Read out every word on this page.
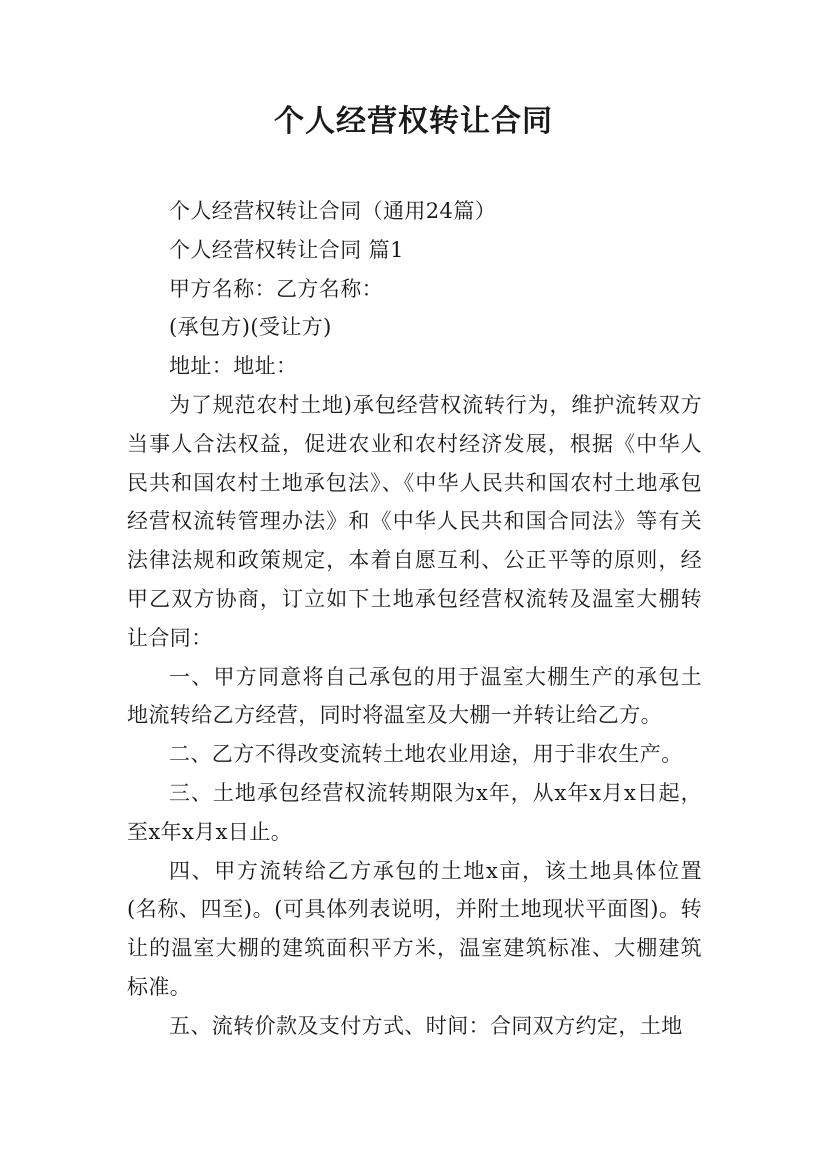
个人经营权转让合同

个人经营权转让合同（通用24篇）

个人经营权转让合同 篇1

甲方名称：乙方名称：

(承包方)(受让方)

地址：地址：

为了规范农村土地)承包经营权流转行为，维护流转双方当事人合法权益，促进农业和农村经济发展，根据《中华人民共和国农村土地承包法》、《中华人民共和国农村土地承包经营权流转管理办法》和《中华人民共和国合同法》等有关法律法规和政策规定，本着自愿互利、公正平等的原则，经甲乙双方协商，订立如下土地承包经营权流转及温室大棚转让合同：

一、甲方同意将自己承包的用于温室大棚生产的承包土地流转给乙方经营，同时将温室及大棚一并转让给乙方。

二、乙方不得改变流转土地农业用途，用于非农生产。

三、土地承包经营权流转期限为x年，从x年x月x日起，至x年x月x日止。

四、甲方流转给乙方承包的土地x亩，该土地具体位置(名称、四至)。(可具体列表说明，并附土地现状平面图)。转让的温室大棚的建筑面积平方米，温室建筑标准、大棚建筑标准。

五、流转价款及支付方式、时间：合同双方约定，土地
